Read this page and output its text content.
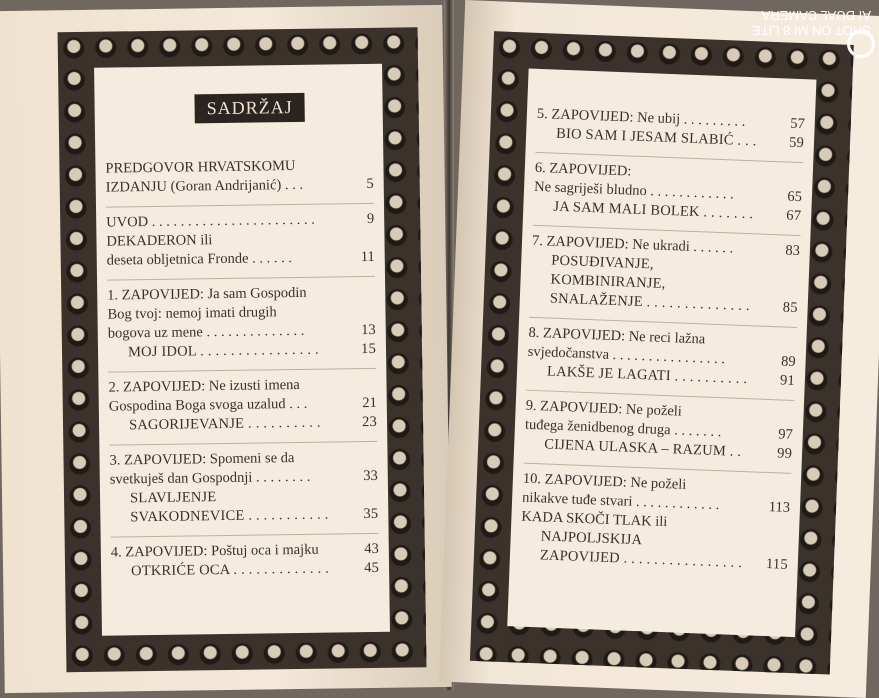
SADRŽAJ
PREDGOVOR HRVATSKOMU
IZDANJU (Goran Andrijanić) . . .	5
UVOD . . . . . . . . . . . . . . . . . . . . . . .	9
DEKADERON ili
deseta obljetnica Fronde . . . . . .	11
1. ZAPOVIJED: Ja sam Gospodin
Bog tvoj: nemoj imati drugih
bogova uz mene . . . . . . . . . . . . . .	13
MOJ IDOL . . . . . . . . . . . . . . . .	15
2. ZAPOVIJED: Ne izusti imena
Gospodina Boga svoga uzalud . . .	21
SAGORIJEVANJE . . . . . . . . . .	23
3. ZAPOVIJED: Spomeni se da
svetkuješ dan Gospodnji . . . . . . . .	33
SLAVLJENJE
SVAKODNEVICE . . . . . . . . . . .	35
4. ZAPOVIJED: Poštuj oca i majku	43
OTKRIĆE OCA . . . . . . . . . . . . .	45
5. ZAPOVIJED: Ne ubij . . . . . . . . .	57
BIO SAM I JESAM SLABIĆ . . .	59
6. ZAPOVIJED:
Ne sagriješi bludno . . . . . . . . . . . .	65
JA SAM MALI BOLEK . . . . . . .	67
7. ZAPOVIJED: Ne ukradi . . . . . .	83
POSUĐIVANJE,
KOMBINIRANJE,
SNALAŽENJE . . . . . . . . . . . . . .	85
8. ZAPOVIJED: Ne reci lažna
svjedočanstva . . . . . . . . . . . . . . . .	89
LAKŠE JE LAGATI . . . . . . . . . .	91
9. ZAPOVIJED: Ne poželi
tuđega ženidbenog druga . . . . . . .	97
CIJENA ULASKA – RAZUM . .	99
10. ZAPOVIJED: Ne poželi
nikakve tuđe stvari . . . . . . . . . . . .	113
KADA SKOČI TLAK ili
NAJPOLJSKIJA
ZAPOVIJED . . . . . . . . . . . . . . . . 115
SHOT ON MI 8 LITE
AI DUAL CAMERA
